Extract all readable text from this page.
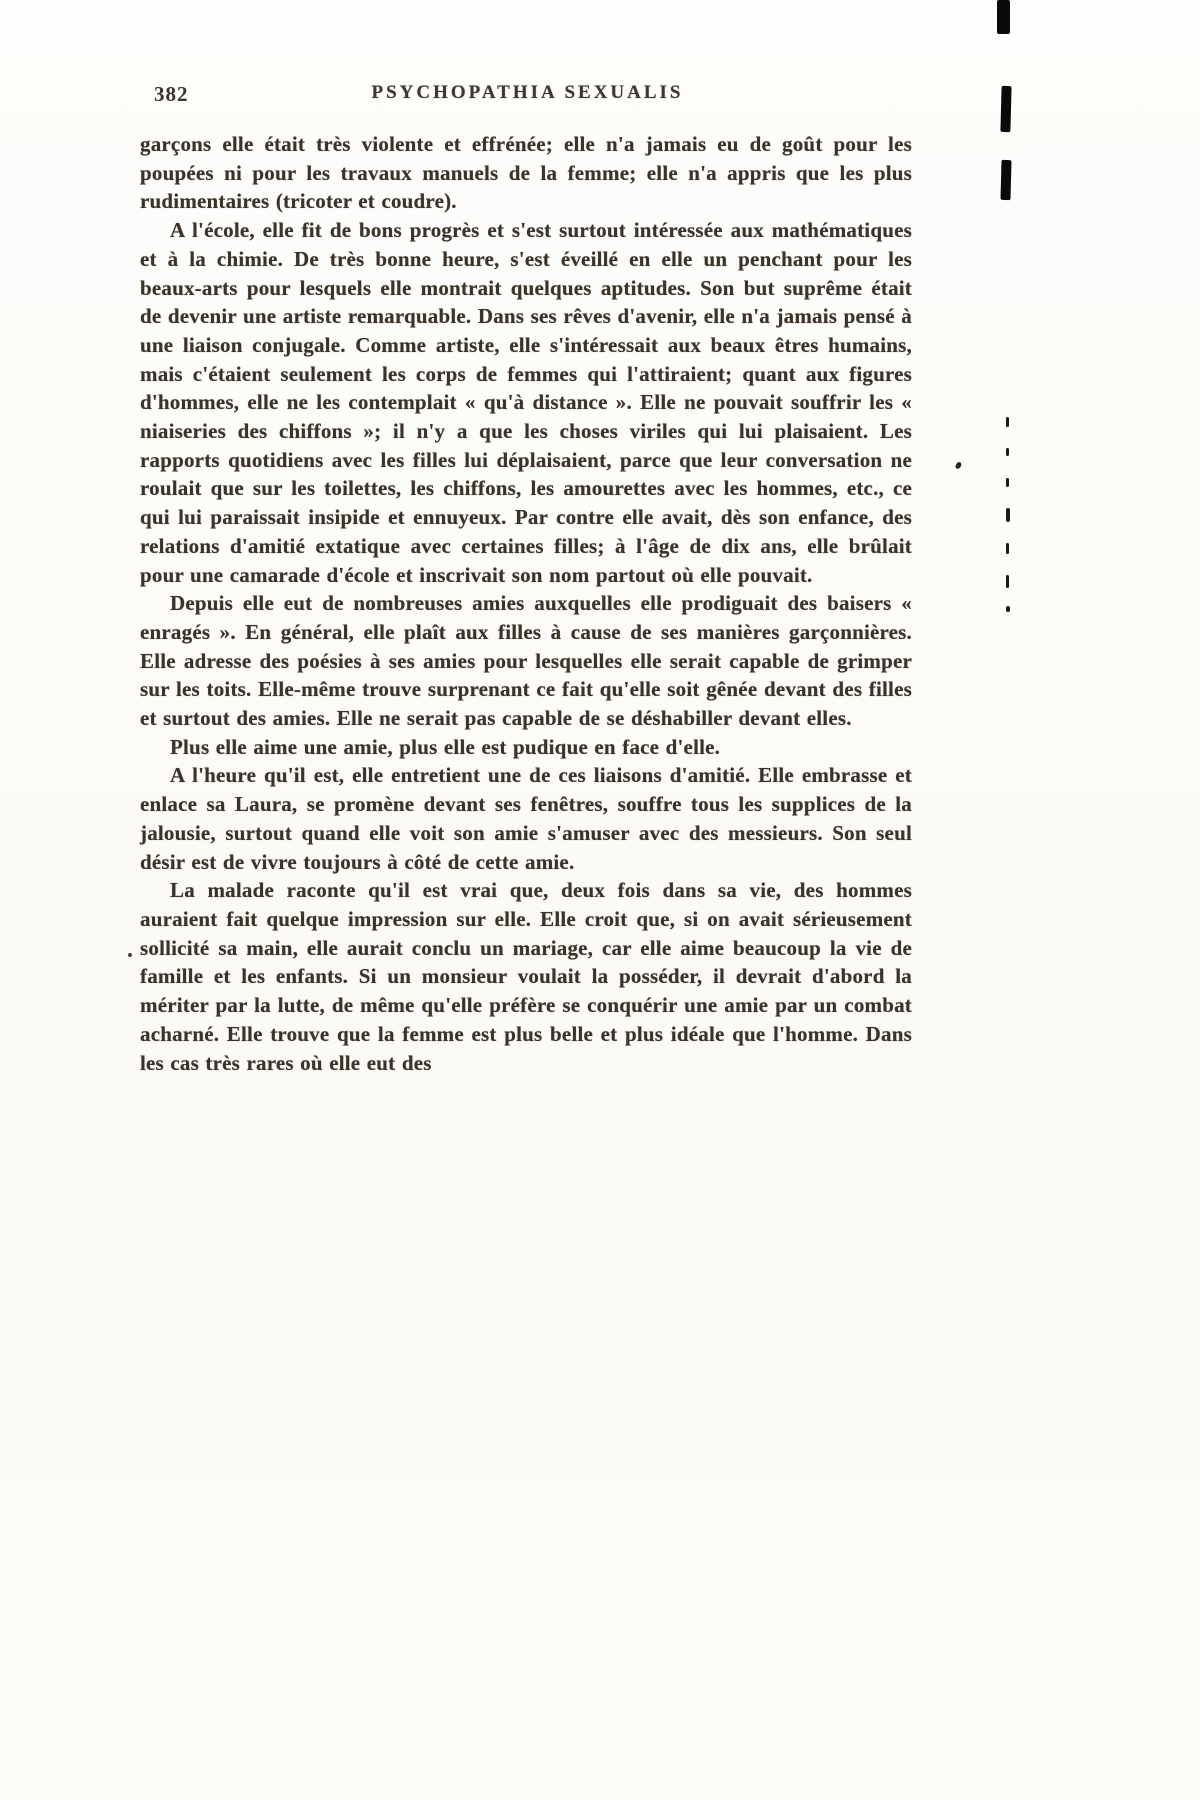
382	PSYCHOPATHIA SEXUALIS

garçons elle était très violente et effrénée; elle n'a jamais eu de goût pour les poupées ni pour les travaux manuels de la femme; elle n'a appris que les plus rudimentaires (tricoter et coudre).

A l'école, elle fit de bons progrès et s'est surtout intéressée aux mathématiques et à la chimie. De très bonne heure, s'est éveillé en elle un penchant pour les beaux-arts pour lesquels elle montrait quelques aptitudes. Son but suprême était de devenir une artiste remarquable. Dans ses rêves d'avenir, elle n'a jamais pensé à une liaison conjugale. Comme artiste, elle s'intéressait aux beaux êtres humains, mais c'étaient seulement les corps de femmes qui l'attiraient; quant aux figures d'hommes, elle ne les contemplait « qu'à distance ». Elle ne pouvait souffrir les « niaiseries des chiffons »; il n'y a que les choses viriles qui lui plaisaient. Les rapports quotidiens avec les filles lui déplaisaient, parce que leur conversation ne roulait que sur les toilettes, les chiffons, les amourettes avec les hommes, etc., ce qui lui paraissait insipide et ennuyeux. Par contre elle avait, dès son enfance, des relations d'amitié extatique avec certaines filles; à l'âge de dix ans, elle brûlait pour une camarade d'école et inscrivait son nom partout où elle pouvait.

Depuis elle eut de nombreuses amies auxquelles elle prodiguait des baisers « enragés ». En général, elle plaît aux filles à cause de ses manières garçonnières. Elle adresse des poésies à ses amies pour lesquelles elle serait capable de grimper sur les toits. Elle-même trouve surprenant ce fait qu'elle soit gênée devant des filles et surtout des amies. Elle ne serait pas capable de se déshabiller devant elles.

Plus elle aime une amie, plus elle est pudique en face d'elle.

A l'heure qu'il est, elle entretient une de ces liaisons d'amitié. Elle embrasse et enlace sa Laura, se promène devant ses fenêtres, souffre tous les supplices de la jalousie, surtout quand elle voit son amie s'amuser avec des messieurs. Son seul désir est de vivre toujours à côté de cette amie.

La malade raconte qu'il est vrai que, deux fois dans sa vie, des hommes auraient fait quelque impression sur elle. Elle croit que, si on avait sérieusement sollicité sa main, elle aurait conclu un mariage, car elle aime beaucoup la vie de famille et les enfants. Si un monsieur voulait la posséder, il devrait d'abord la mériter par la lutte, de même qu'elle préfère se conquérir une amie par un combat acharné. Elle trouve que la femme est plus belle et plus idéale que l'homme. Dans les cas très rares où elle eut des
